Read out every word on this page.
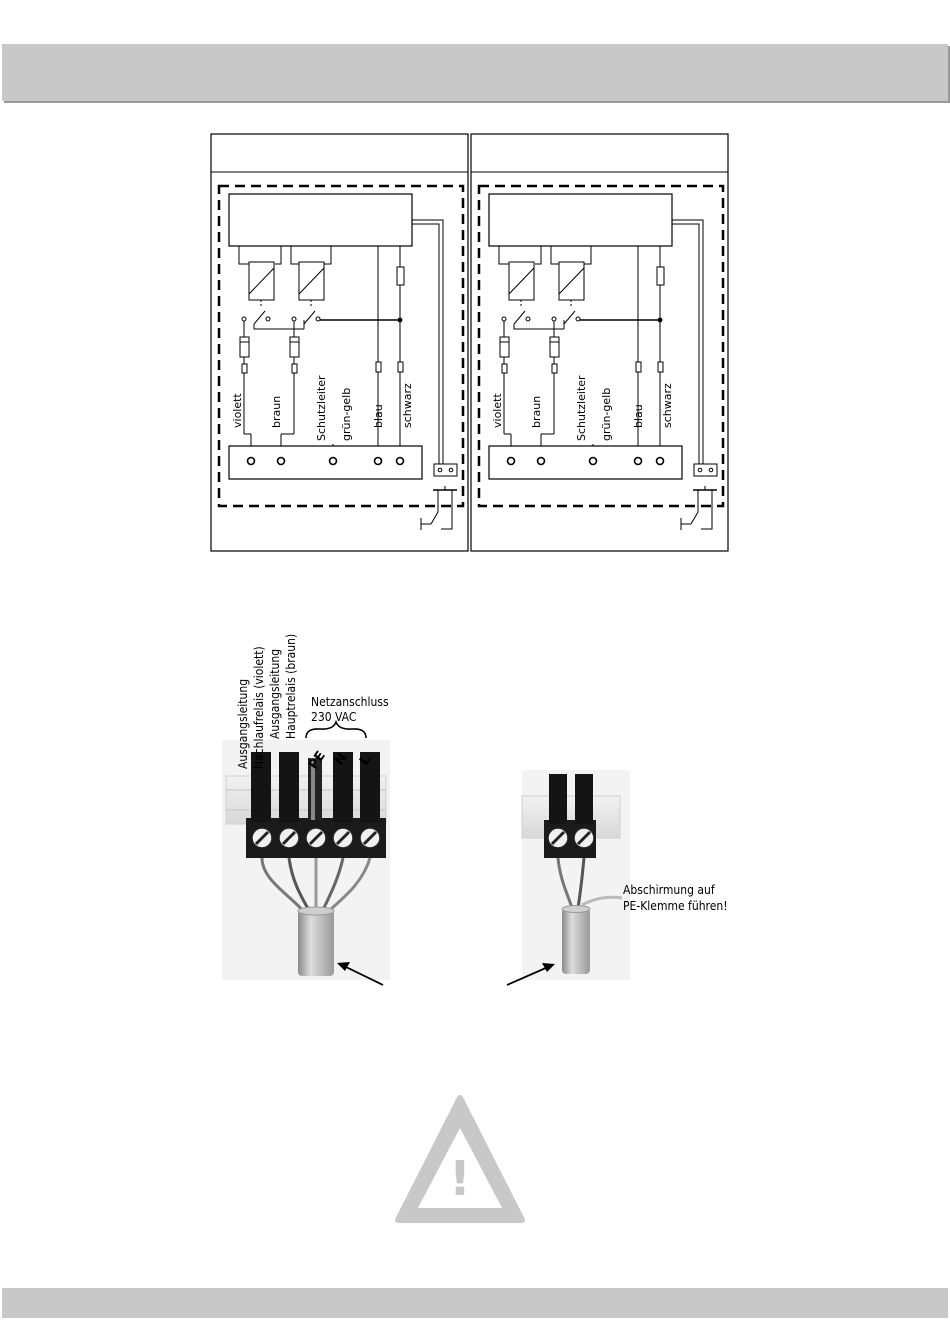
violett braun	Schutzleiter grün-gelb blau schwarz	violett braun	Schutzleiter grün-gelb blau schwarz
Ausgangsleitung Nachlaufrelais (violett) Ausgangsleitung Hauptrelais (braun) Netzanschluss
230 VAC
PE N L
Abschirmung auf
PE-Klemme führen!
!
